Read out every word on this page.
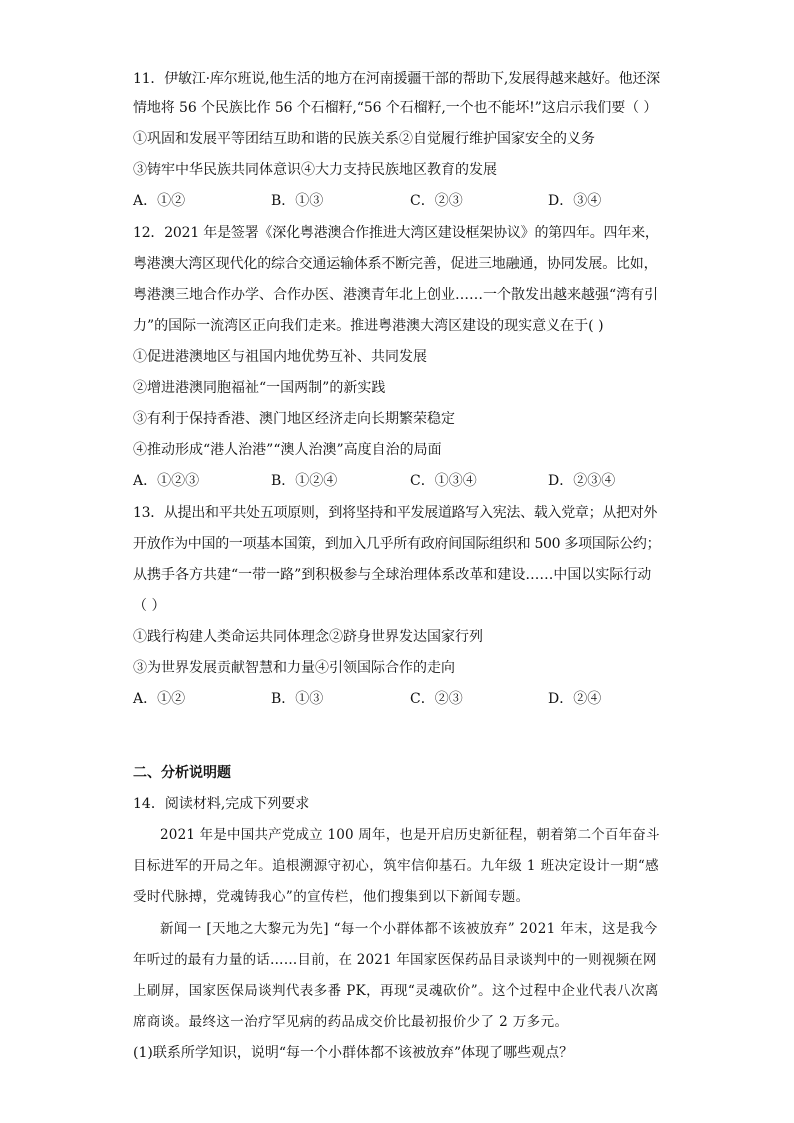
11．伊敏江·库尔班说,他生活的地方在河南援疆干部的帮助下,发展得越来越好。他还深
情地将 56 个民族比作 56 个石榴籽,“56 个石榴籽,一个也不能坏!”这启示我们要（ ）
①巩固和发展平等团结互助和谐的民族关系②自觉履行维护国家安全的义务
③铸牢中华民族共同体意识④大力支持民族地区教育的发展
A．①②	B．①③	C．②③	D．③④
12．2021 年是签署《深化粤港澳合作推进大湾区建设框架协议》的第四年。四年来，
粤港澳大湾区现代化的综合交通运输体系不断完善，促进三地融通，协同发展。比如，
粤港澳三地合作办学、合作办医、港澳青年北上创业……一个散发出越来越强“湾有引
力”的国际一流湾区正向我们走来。推进粤港澳大湾区建设的现实意义在于( )
①促进港澳地区与祖国内地优势互补、共同发展
②增进港澳同胞福祉“一国两制”的新实践
③有利于保持香港、澳门地区经济走向长期繁荣稳定
④推动形成“港人治港”“澳人治澳”高度自治的局面
A．①②③	B．①②④	C．①③④	D．②③④
13．从提出和平共处五项原则，到将坚持和平发展道路写入宪法、载入党章；从把对外
开放作为中国的一项基本国策，到加入几乎所有政府间国际组织和 500 多项国际公约；
从携手各方共建“一带一路”到积极参与全球治理体系改革和建设……中国以实际行动
（ ）
①践行构建人类命运共同体理念②跻身世界发达国家行列
③为世界发展贡献智慧和力量④引领国际合作的走向
A．①②	B．①③	C．②③	D．②④
二、分析说明题
14．阅读材料,完成下列要求
2021 年是中国共产党成立 100 周年，也是开启历史新征程，朝着第二个百年奋斗
目标进军的开局之年。追根溯源守初心，筑牢信仰基石。九年级 1 班决定设计一期“感
受时代脉搏，党魂铸我心”的宣传栏，他们搜集到以下新闻专题。
新闻一 [天地之大黎元为先] “每一个小群体都不该被放弃” 2021 年末，这是我今
年听过的最有力量的话……目前，在 2021 年国家医保药品目录谈判中的一则视频在网
上刷屏，国家医保局谈判代表多番 PK，再现“灵魂砍价”。这个过程中企业代表八次离
席商谈。最终这一治疗罕见病的药品成交价比最初报价少了 2 万多元。
(1)联系所学知识，说明“每一个小群体都不该被放弃”体现了哪些观点？
